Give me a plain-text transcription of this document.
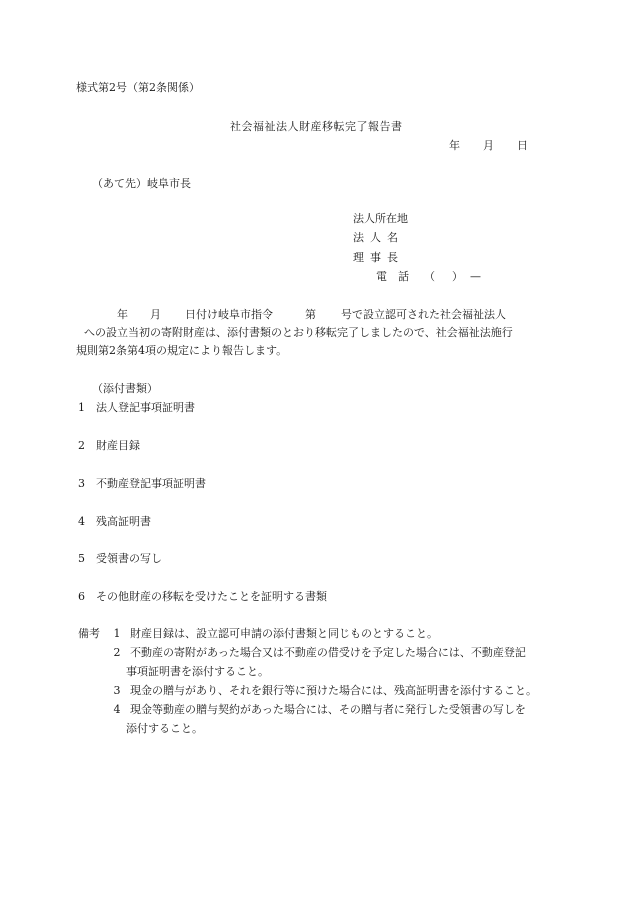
様式第2号（第2条関係）
社会福祉法人財産移転完了報告書
年 月 日
（あて先）岐阜市長
法人所在地
法人名
理事長
電　話 （ ） —
年 月 日付け岐阜市指令	第 号で設立認可された社会福祉法人
への設立当初の寄附財産は、添付書類のとおり移転完了しましたので、社会福祉法施行
規則第2条第4項の規定により報告します。
（添付書類）
1 法人登記事項証明書
2 財産目録
3 不動産登記事項証明書
4 残高証明書
5 受領書の写し
6 その他財産の移転を受けたことを証明する書類
備考	1 財産目録は、設立認可申請の添付書類と同じものとすること。
2 不動産の寄附があった場合又は不動産の借受けを予定した場合には、不動産登記
事項証明書を添付すること。
3 現金の贈与があり、それを銀行等に預けた場合には、残高証明書を添付すること。
4 現金等動産の贈与契約があった場合には、その贈与者に発行した受領書の写しを
添付すること。
